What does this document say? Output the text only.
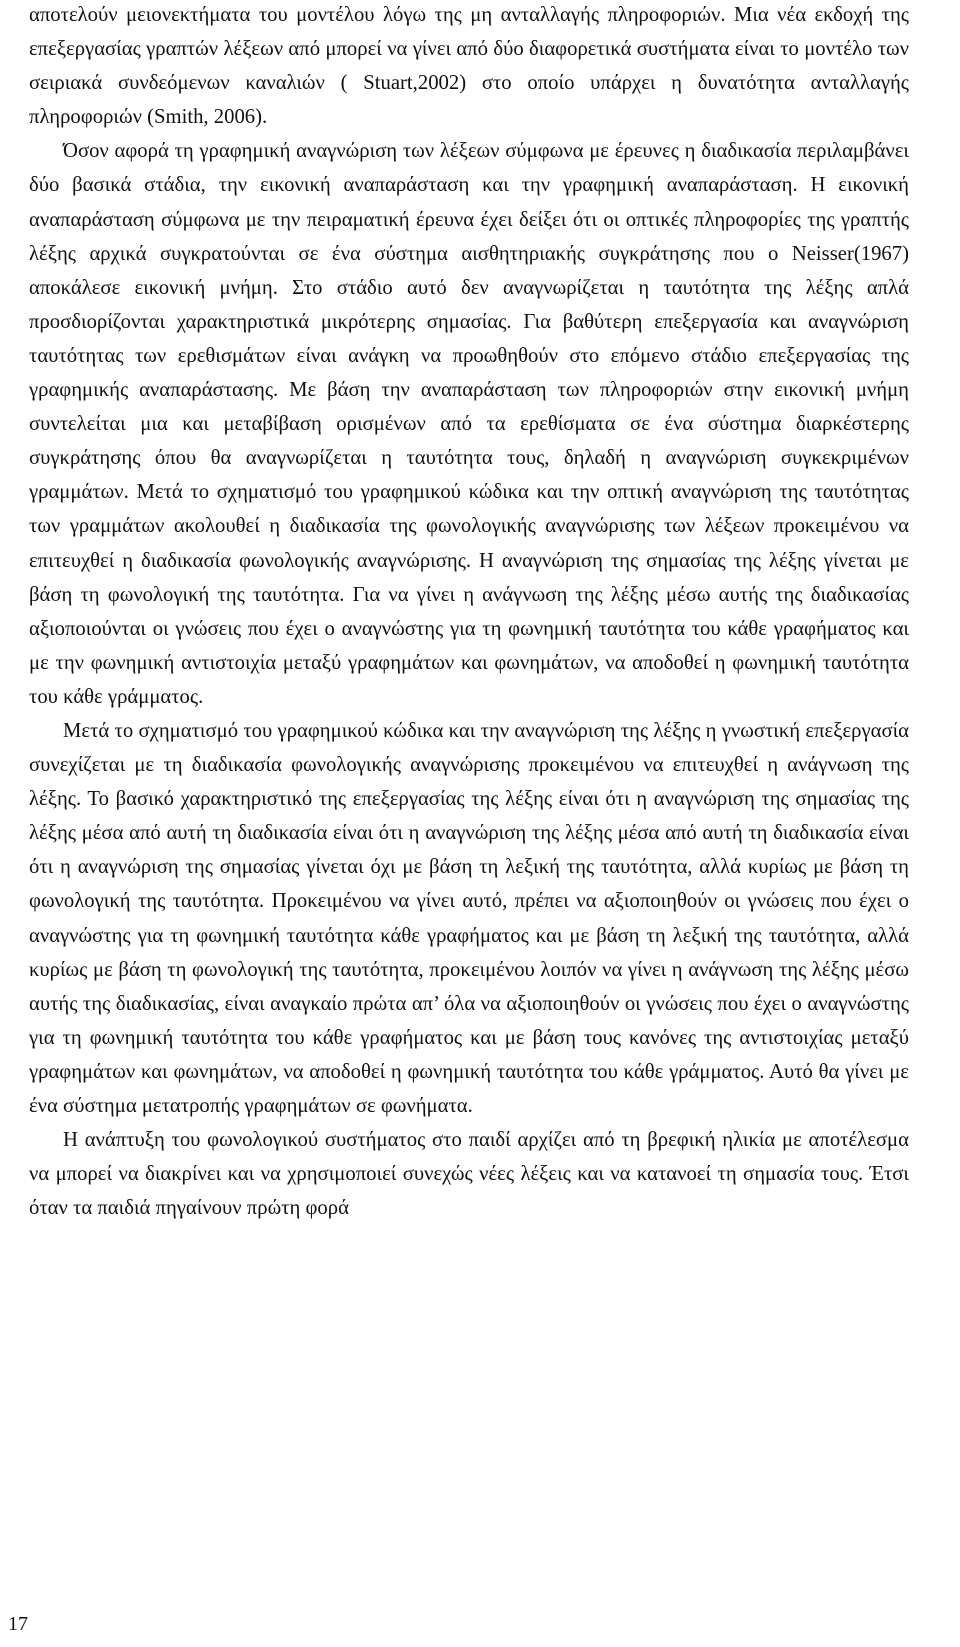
αποτελούν μειονεκτήματα του μοντέλου λόγω της μη ανταλλαγής πληροφοριών. Μια νέα εκδοχή της επεξεργασίας γραπτών λέξεων από μπορεί να γίνει από δύο διαφορετικά συστήματα είναι το μοντέλο των σειριακά συνδεόμενων καναλιών ( Stuart,2002) στο οποίο υπάρχει η δυνατότητα ανταλλαγής πληροφοριών (Smith, 2006).

Όσον αφορά τη γραφημική αναγνώριση των λέξεων σύμφωνα με έρευνες η διαδικασία περιλαμβάνει δύο βασικά στάδια, την εικονική αναπαράσταση και την γραφημική αναπαράσταση. Η εικονική αναπαράσταση σύμφωνα με την πειραματική έρευνα έχει δείξει ότι οι οπτικές πληροφορίες της γραπτής λέξης αρχικά συγκρατούνται σε ένα σύστημα αισθητηριακής συγκράτησης που ο Neisser(1967) αποκάλεσε εικονική μνήμη. Στο στάδιο αυτό δεν αναγνωρίζεται η ταυτότητα της λέξης απλά προσδιορίζονται χαρακτηριστικά μικρότερης σημασίας. Για βαθύτερη επεξεργασία και αναγνώριση ταυτότητας των ερεθισμάτων είναι ανάγκη να προωθηθούν στο επόμενο στάδιο επεξεργασίας της γραφημικής αναπαράστασης. Με βάση την αναπαράσταση των πληροφοριών στην εικονική μνήμη συντελείται μια και μεταβίβαση ορισμένων από τα ερεθίσματα σε ένα σύστημα διαρκέστερης συγκράτησης όπου θα αναγνωρίζεται η ταυτότητα τους, δηλαδή η αναγνώριση συγκεκριμένων γραμμάτων. Μετά το σχηματισμό του γραφημικού κώδικα και την οπτική αναγνώριση της ταυτότητας των γραμμάτων ακολουθεί η διαδικασία της φωνολογικής αναγνώρισης των λέξεων προκειμένου να επιτευχθεί η διαδικασία φωνολογικής αναγνώρισης. Η αναγνώριση της σημασίας της λέξης γίνεται με βάση τη φωνολογική της ταυτότητα. Για να γίνει η ανάγνωση της λέξης μέσω αυτής της διαδικασίας αξιοποιούνται οι γνώσεις που έχει ο αναγνώστης για τη φωνημική ταυτότητα του κάθε γραφήματος και με την φωνημική αντιστοιχία μεταξύ γραφημάτων και φωνημάτων, να αποδοθεί η φωνημική ταυτότητα του κάθε γράμματος.

Μετά το σχηματισμό του γραφημικού κώδικα και την αναγνώριση της λέξης η γνωστική επεξεργασία συνεχίζεται με τη διαδικασία φωνολογικής αναγνώρισης προκειμένου να επιτευχθεί η ανάγνωση της λέξης. Το βασικό χαρακτηριστικό της επεξεργασίας της λέξης είναι ότι η αναγνώριση της σημασίας της λέξης μέσα από αυτή τη διαδικασία είναι ότι η αναγνώριση της λέξης μέσα από αυτή τη διαδικασία είναι ότι η αναγνώριση της σημασίας γίνεται όχι με βάση τη λεξική της ταυτότητα, αλλά κυρίως με βάση τη φωνολογική της ταυτότητα. Προκειμένου να γίνει αυτό, πρέπει να αξιοποιηθούν οι γνώσεις που έχει ο αναγνώστης για τη φωνημική ταυτότητα κάθε γραφήματος και με βάση τη λεξική της ταυτότητα, αλλά κυρίως με βάση τη φωνολογική της ταυτότητα, προκειμένου λοιπόν να γίνει η ανάγνωση της λέξης μέσω αυτής της διαδικασίας, είναι αναγκαίο πρώτα απ’ όλα να αξιοποιηθούν οι γνώσεις που έχει ο αναγνώστης για τη φωνημική ταυτότητα του κάθε γραφήματος και με βάση τους κανόνες της αντιστοιχίας μεταξύ γραφημάτων και φωνημάτων, να αποδοθεί η φωνημική ταυτότητα του κάθε γράμματος. Αυτό θα γίνει με ένα σύστημα μετατροπής γραφημάτων σε φωνήματα.

Η ανάπτυξη του φωνολογικού συστήματος στο παιδί αρχίζει από τη βρεφική ηλικία με αποτέλεσμα να μπορεί να διακρίνει και να χρησιμοποιεί συνεχώς νέες λέξεις και να κατανοεί τη σημασία τους. Έτσι όταν τα παιδιά πηγαίνουν πρώτη φορά

17
